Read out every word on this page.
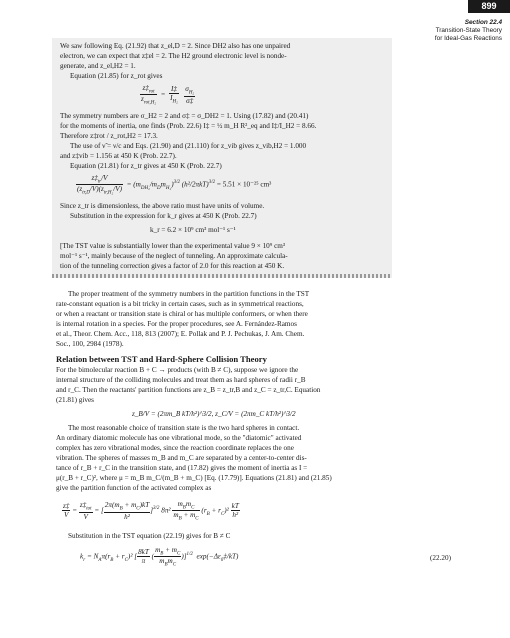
899
Section 22.4
Transition-State Theory
for Ideal-Gas Reactions

We saw following Eq. (21.92) that z_el,D = 2. Since DH2 also has one unpaired

electron, we can expect that z‡el = 2. The H2 ground electronic level is nonde-

generate, and z_el,H2 = 1.

Equation (21.85) for z_rot gives

$\frac{z\ddagger_{rot}}{z_{rot,H_2}} = \frac{I\ddagger}{I_{H_2}}$
$\frac{\sigma_{H_2}}{\sigma\ddagger}$

The symmetry numbers are σ_H2 = 2 and σ‡ = σ_DH2 = 1. Using (17.82) and (20.41)

for the moments of inertia, one finds (Prob. 22.6) I‡ = ½ m_H R²_eq and I‡/I_H2 = 8.66.

Therefore z‡rot / z_rot,H2 = 17.3.

The use of ν̃ = ν/c and Eqs. (21.90) and (21.110) for z_vib gives z_vib,H2 = 1.000

and z‡vib = 1.156 at 450 K (Prob. 22.7).

Equation (21.81) for z_tr gives at 450 K (Prob. 22.7)

$\frac{z\ddagger_{tr}/V}{(z_{tr,D}/V)(z_{tr,H_2}/V)} = (m_{DH_2}/m_Dm_{H_2})^{3/2}$ $(h^2/2\pi kT)^{3/2} = 5.51 \times 10^{-25}$ cm³

Since z_tr is dimensionless, the above ratio must have units of volume.

Substitution in the expression for k_r gives at 450 K (Prob. 22.7)

k_r = 6.2 × 10⁹ cm³ mol⁻¹ s⁻¹

[The TST value is substantially lower than the experimental value 9 × 10⁹ cm³

mol⁻¹ s⁻¹, mainly because of the neglect of tunneling. An approximate calcula-

tion of the tunneling correction gives a factor of 2.0 for this reaction at 450 K.

The proper treatment of the symmetry numbers in the partition functions in the TST

rate-constant equation is a bit tricky in certain cases, such as in symmetrical reactions,

or when a reactant or transition state is chiral or has multiple conformers, or when there

is internal rotation in a species. For the proper procedures, see A. Fernández-Ramos

et al., Theor. Chem. Acc., 118, 813 (2007); E. Pollak and P. J. Pechukas, J. Am. Chem.

Soc., 100, 2984 (1978).

Relation between TST and Hard-Sphere Collision Theory

For the bimolecular reaction B + C → products (with B ≠ C), suppose we ignore the

internal structure of the colliding molecules and treat them as hard spheres of radii r_B

and r_C. Then the reactants' partition functions are z_B = z_tr,B and z_C = z_tr,C. Equation

(21.81) gives

z_B/V = (2πm_B kT/h²)^3/2, z_C/V = (2πm_C kT/h²)^3/2

The most reasonable choice of transition state is the two hard spheres in contact.

An ordinary diatomic molecule has one vibrational mode, so the "diatomic" activated

complex has zero vibrational modes, since the reaction coordinate replaces the one

vibration. The spheres of masses m_B and m_C are separated by a center-to-center dis-

tance of r_B + r_C in the transition state, and (17.82) gives the moment of inertia as I =

μ(r_B + r_C)², where μ = m_B m_C/(m_B + m_C) [Eq. (17.79)]. Equations (21.81) and (21.85)

give the partition function of the activated complex as

$\frac{z\ddagger}{V} = \frac{z\ddagger_{tot}}{V}$ = [ $\frac{2\pi(m_B + m_C)kT}{\text{h²}} ]^{3/2}$ $8\pi^2 \frac{m_Bm_C}{m_B + m_C} (r_B + r_C)^2 \frac{kT}{\text{h²}}$

Substitution in the TST equation (22.19) gives for B ≠ C

$k_r = N_A\pi(r_B + r_C)^2$ [ $\frac{8kT}{\pi}$ ( $\frac{m_B + m_C}{m_Bm_C} )]^{1/2}$  $\exp(-\Delta\varepsilon_0\ddagger/kT)$	(22.20)
